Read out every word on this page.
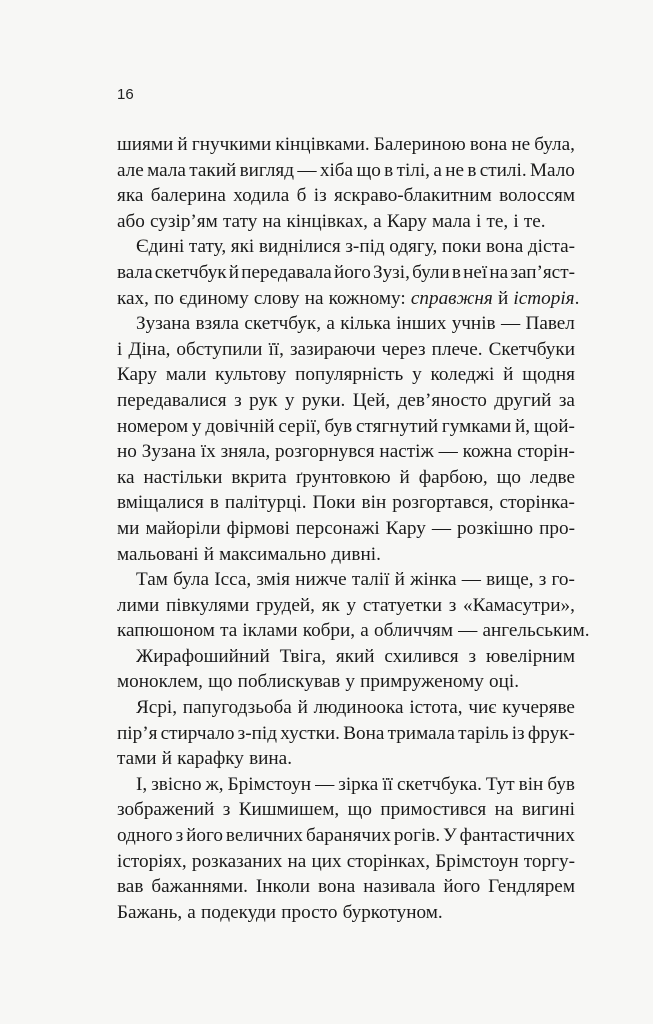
16
шиями й гнучкими кінцівками. Балериною вона не була,
але мала такий вигляд — хіба що в тілі, а не в стилі. Мало
яка балерина ходила б із яскраво-блакитним волоссям
або сузір’ям тату на кінцівках, а Кару мала і те, і те.
Єдині тату, які виднілися з-під одягу, поки вона діста-
вала скетчбук й передавала його Зузі, були в неї на зап’яст-
ках, по єдиному слову на кожному: справжня й історія.
Зузана взяла скетчбук, а кілька інших учнів — Павел
і Діна, обступили її, зазираючи через плече. Скетчбуки
Кару мали культову популярність у коледжі й щодня
передавалися з рук у руки. Цей, дев’яносто другий за
номером у довічній серії, був стягнутий гумками й, щой-
но Зузана їх зняла, розгорнувся настіж — кожна сторін-
ка настільки вкрита ґрунтовкою й фарбою, що ледве
вміщалися в палітурці. Поки він розгортався, сторінка-
ми майоріли фірмові персонажі Кару — розкішно про-
мальовані й максимально дивні.
Там була Ісса, змія нижче талії й жінка — вище, з го-
лими півкулями грудей, як у статуетки з «Камасутри»,
капюшоном та іклами кобри, а обличчям — ангельським.
Жирафошийний Твіга, який схилився з ювелірним
моноклем, що поблискував у примруженому оці.
Ясрі, папугодзьоба й людиноока істота, чиє кучеряве
пір’я стирчало з-під хустки. Вона тримала таріль із фрук-
тами й карафку вина.
І, звісно ж, Брімстоун — зірка її скетчбука. Тут він був
зображений з Кишмишем, що примостився на вигині
одного з його величних баранячих рогів. У фантастичних
історіях, розказаних на цих сторінках, Брімстоун торгу-
вав бажаннями. Інколи вона називала його Гендлярем
Бажань, а подекуди просто буркотуном.
